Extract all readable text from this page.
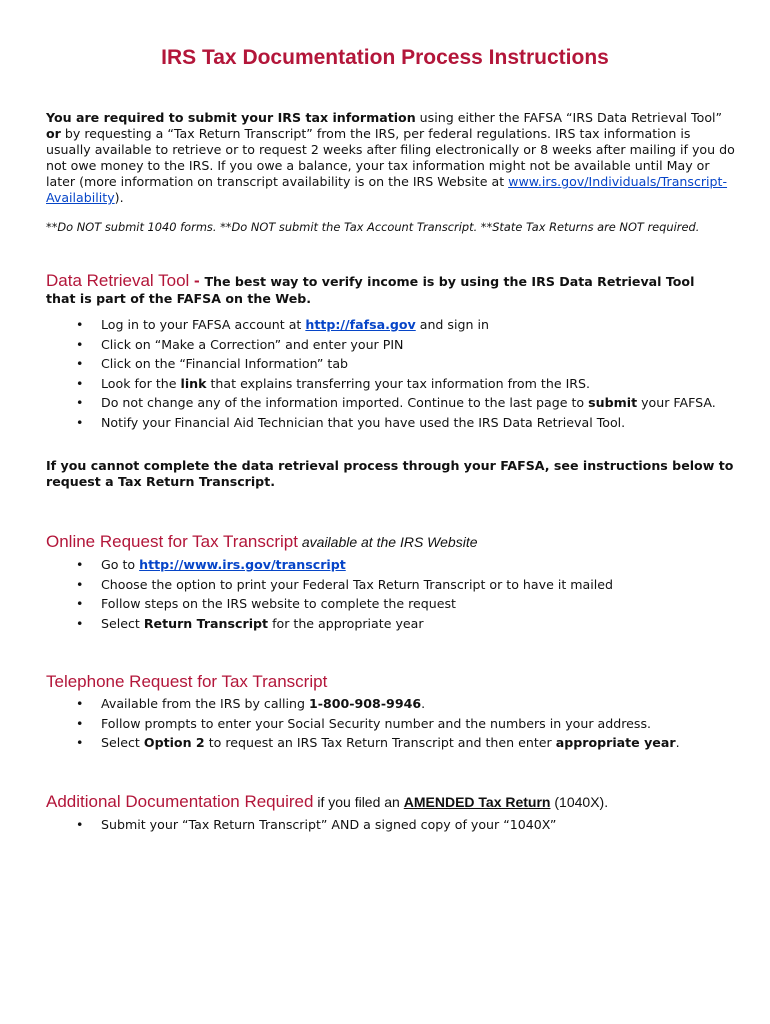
IRS Tax Documentation Process Instructions

You are required to submit your IRS tax information using either the FAFSA “IRS Data Retrieval Tool” or by requesting a “Tax Return Transcript” from the IRS, per federal regulations. IRS tax information is usually available to retrieve or to request 2 weeks after filing electronically or 8 weeks after mailing if you do not owe money to the IRS. If you owe a balance, your tax information might not be available until May or later (more information on transcript availability is on the IRS Website at www.irs.gov/Individuals/Transcript-Availability).

**Do NOT submit 1040 forms. **Do NOT submit the Tax Account Transcript. **State Tax Returns are NOT required.
Data Retrieval Tool - The best way to verify income is by using the IRS Data Retrieval Tool
that is part of the FAFSA on the Web.
• Log in to your FAFSA account at http://fafsa.gov and sign in
• Click on “Make a Correction” and enter your PIN
• Click on the “Financial Information” tab
• Look for the link that explains transferring your tax information from the IRS.
• Do not change any of the information imported. Continue to the last page to submit your FAFSA.
• Notify your Financial Aid Technician that you have used the IRS Data Retrieval Tool.

If you cannot complete the data retrieval process through your FAFSA, see instructions below to request a Tax Return Transcript.

Online Request for Tax Transcript available at the IRS Website
• Go to http://www.irs.gov/transcript
• Choose the option to print your Federal Tax Return Transcript or to have it mailed
• Follow steps on the IRS website to complete the request
• Select Return Transcript for the appropriate year
Telephone Request for Tax Transcript
• Available from the IRS by calling 1-800-908-9946.
• Follow prompts to enter your Social Security number and the numbers in your address.
• Select Option 2 to request an IRS Tax Return Transcript and then enter appropriate year.
Additional Documentation Required if you filed an AMENDED Tax Return (1040X).
• Submit your “Tax Return Transcript” AND a signed copy of your “1040X”
